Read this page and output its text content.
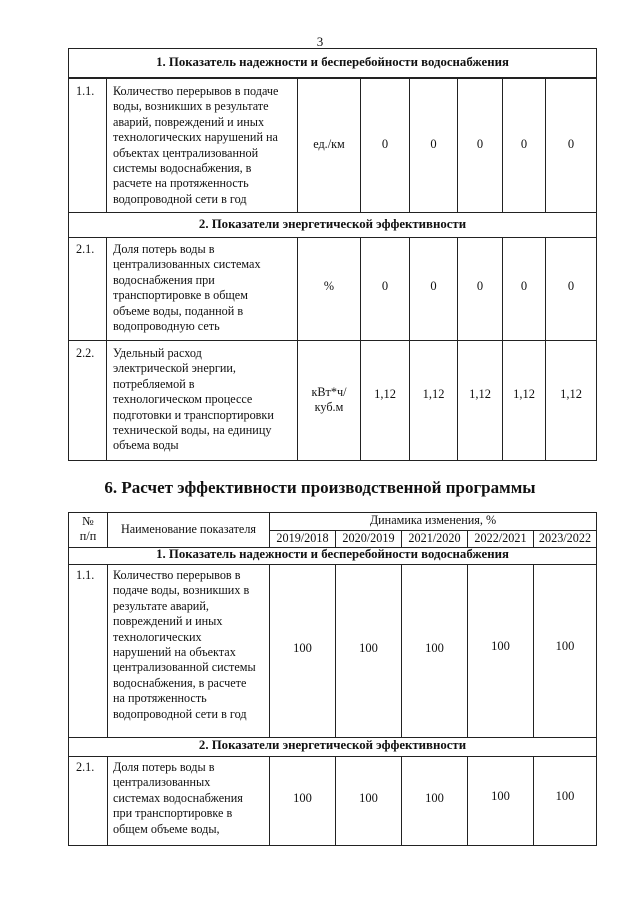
3
1. Показатель надежности и бесперебойности водоснабжения
1.1. Количество перерывов в подаче
воды, возникших в результате
аварий, повреждений и иных
технологических нарушений на
объектах централизованной
системы водоснабжения, в
расчете на протяженность
водопроводной сети в год
ед./км	0	0	0	0	0
2. Показатели энергетической эффективности
2.1. Доля потерь воды в
централизованных системах
водоснабжения при
транспортировке в общем
объеме воды, поданной в
водопроводную сеть
%	0	0	0	0	0
2.2. Удельный расход
электрической энергии,
потребляемой в
технологическом процессе
подготовки и транспортировки
технической воды, на единицу
объема воды
кВт*ч/
куб.м
1,12	1,12	1,12	1,12	1,12
6. Расчет эффективности производственной программы
№
п/п
Наименование показателя
Динамика изменения, %
2019/2018	2020/2019	2021/2020	2022/2021	2023/2022
1. Показатель надежности и бесперебойности водоснабжения
1.1. Количество перерывов в
подаче воды, возникших в
результате аварий,
повреждений и иных
технологических
нарушений на объектах
централизованной системы
водоснабжения, в расчете
на протяженность
водопроводной сети в год
100	100	100	100	100
2. Показатели энергетической эффективности
2.1. Доля потерь воды в
централизованных
системах водоснабжения
при транспортировке в
общем объеме воды,
100	100	100	100	100
